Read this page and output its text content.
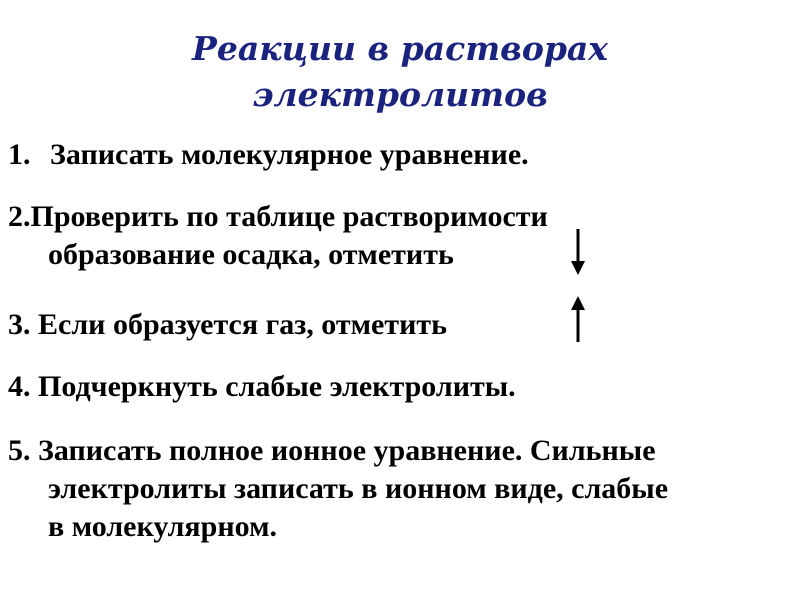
Реакции в растворах
электролитов
1. Записать молекулярное уравнение.
2.Проверить по таблице растворимости
образование осадка, отметить
3. Если образуется газ, отметить
4. Подчеркнуть слабые электролиты.
5. Записать полное ионное уравнение. Сильные
электролиты записать в ионном виде, слабые
в молекулярном.
